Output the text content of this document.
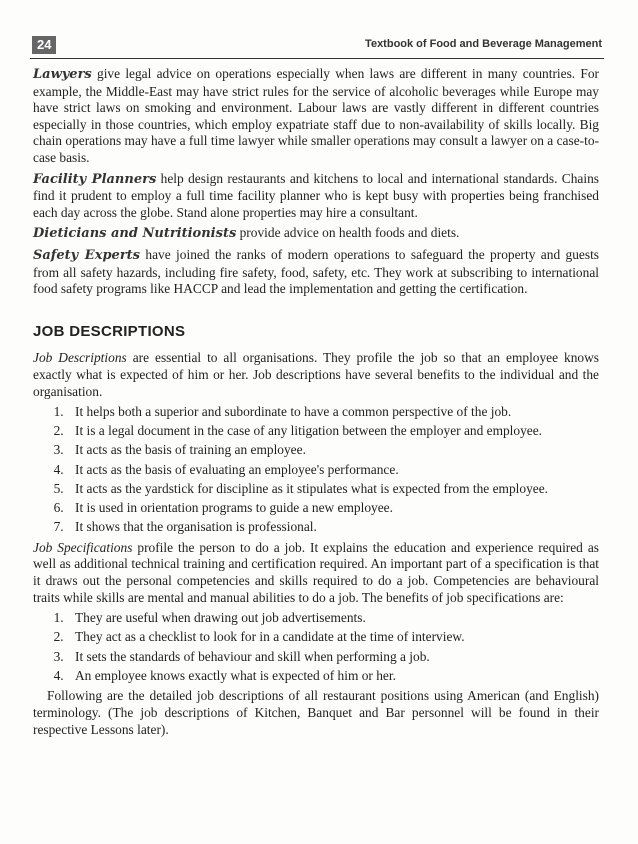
24	Textbook of Food and Beverage Management

Lawyers give legal advice on operations especially when laws are different in many countries. For example, the Middle-East may have strict rules for the service of alcoholic beverages while Europe may have strict laws on smoking and environment. Labour laws are vastly different in different countries especially in those countries, which employ expatriate staff due to non-availability of skills locally. Big chain operations may have a full time lawyer while smaller operations may consult a lawyer on a case-to-case basis.

Facility Planners help design restaurants and kitchens to local and international standards. Chains find it prudent to employ a full time facility planner who is kept busy with properties being franchised each day across the globe. Stand alone properties may hire a consultant.

Dieticians and Nutritionists provide advice on health foods and diets.

Safety Experts have joined the ranks of modern operations to safeguard the property and guests from all safety hazards, including fire safety, food, safety, etc. They work at subscribing to international food safety programs like HACCP and lead the implementation and getting the certification.

JOB DESCRIPTIONS

Job Descriptions are essential to all organisations. They profile the job so that an employee knows exactly what is expected of him or her. Job descriptions have several benefits to the individual and the organisation.

1. It helps both a superior and subordinate to have a common perspective of the job.
2. It is a legal document in the case of any litigation between the employer and employee.
3. It acts as the basis of training an employee.
4. It acts as the basis of evaluating an employee's performance.
5. It acts as the yardstick for discipline as it stipulates what is expected from the employee.
6. It is used in orientation programs to guide a new employee.
7. It shows that the organisation is professional.

Job Specifications profile the person to do a job. It explains the education and experience required as well as additional technical training and certification required. An important part of a specification is that it draws out the personal competencies and skills required to do a job. Competencies are behavioural traits while skills are mental and manual abilities to do a job. The benefits of job specifications are:

1. They are useful when drawing out job advertisements.
2. They act as a checklist to look for in a candidate at the time of interview.
3. It sets the standards of behaviour and skill when performing a job.
4. An employee knows exactly what is expected of him or her.

Following are the detailed job descriptions of all restaurant positions using American (and English) terminology. (The job descriptions of Kitchen, Banquet and Bar personnel will be found in their respective Lessons later).
